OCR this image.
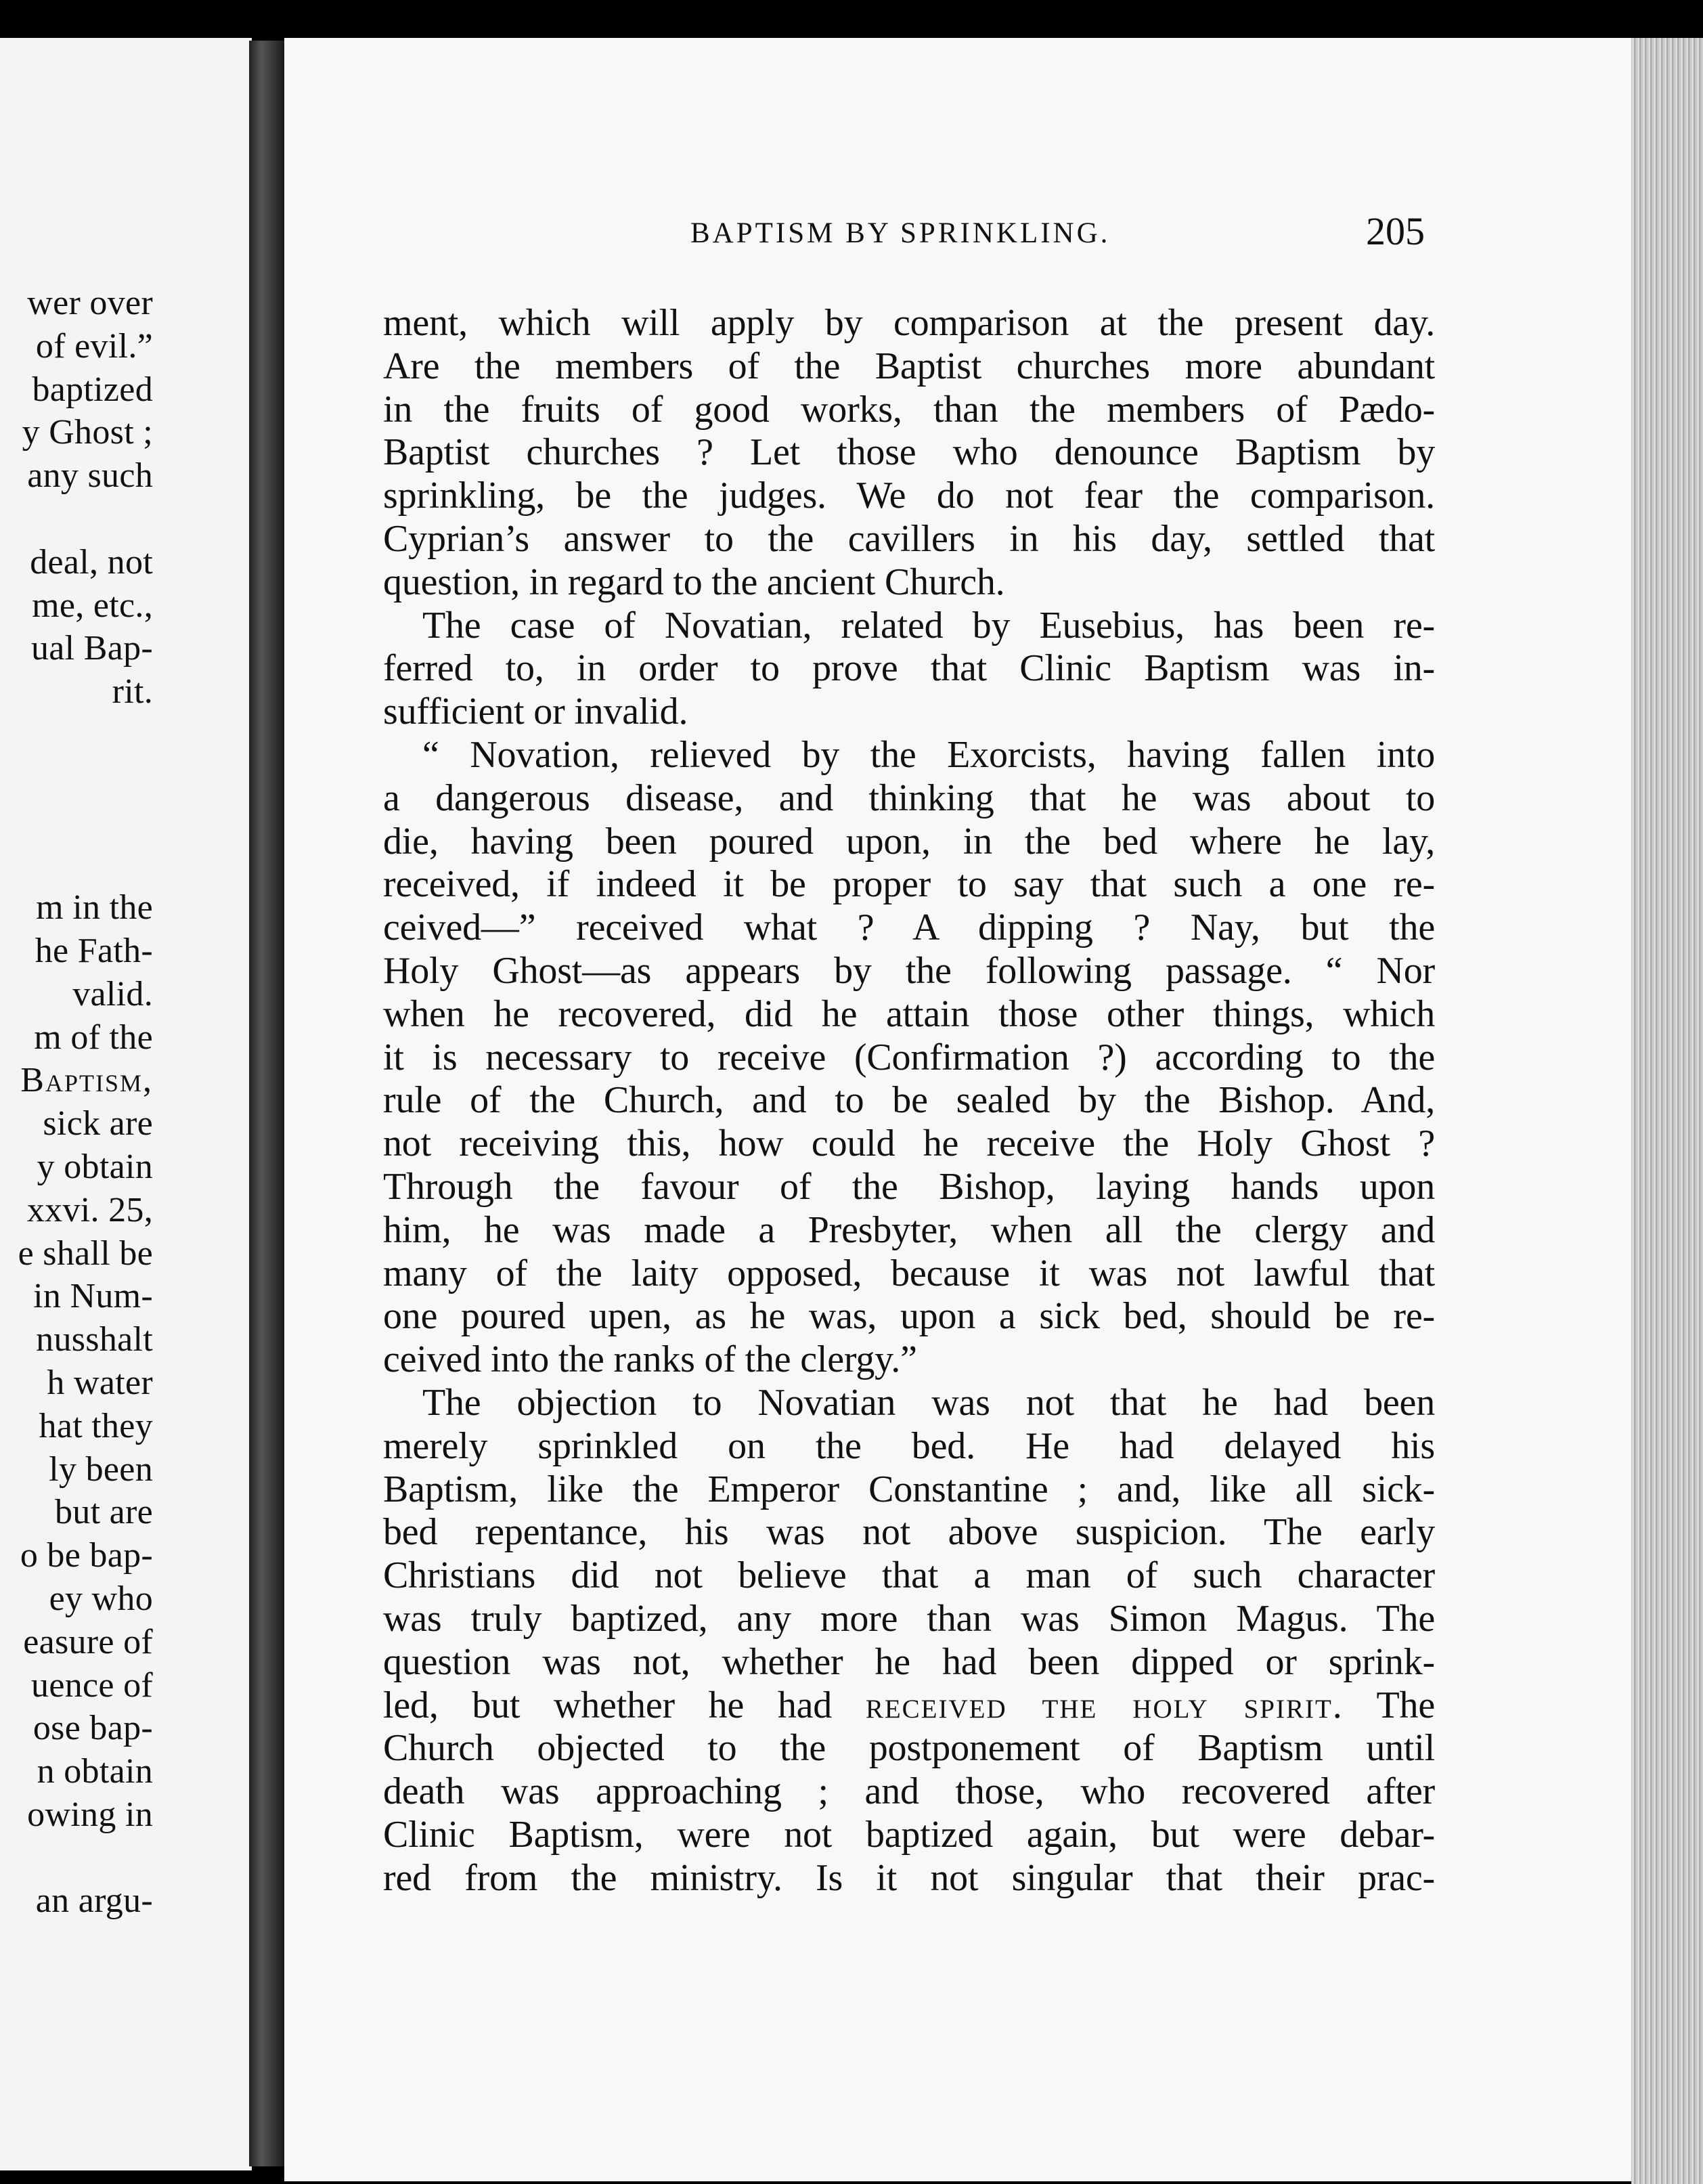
wer over
of evil.”
baptized
y Ghost ;
any such
deal, not
me, etc.,
ual Bap-
rit.
m in the
he Fath-
valid.
m of the
Baptism,
sick are
y obtain
xxvi. 25,
e shall be
in Num-
nusshalt
h water
hat they
ly been
but are
o be bap-
ey who
easure of
uence of
ose bap-
n obtain
owing in
an argu-
BAPTISM BY SPRINKLING.	205
ment, which will apply by comparison at the present day.
Are the members of the Baptist churches more abundant
in the fruits of good works, than the members of Pædo-
Baptist churches ? Let those who denounce Baptism by
sprinkling, be the judges. We do not fear the comparison.
Cyprian’s answer to the cavillers in his day, settled that
question, in regard to the ancient Church.
The case of Novatian, related by Eusebius, has been re-
ferred to, in order to prove that Clinic Baptism was in-
sufficient or invalid.
“ Novation, relieved by the Exorcists, having fallen into
a dangerous disease, and thinking that he was about to
die, having been poured upon, in the bed where he lay,
received, if indeed it be proper to say that such a one re-
ceived—” received what ? A dipping ? Nay, but the
Holy Ghost—as appears by the following passage. “ Nor
when he recovered, did he attain those other things, which
it is necessary to receive (Confirmation ?) according to the
rule of the Church, and to be sealed by the Bishop. And,
not receiving this, how could he receive the Holy Ghost ?
Through the favour of the Bishop, laying hands upon
him, he was made a Presbyter, when all the clergy and
many of the laity opposed, because it was not lawful that
one poured upen, as he was, upon a sick bed, should be re-
ceived into the ranks of the clergy.”
The objection to Novatian was not that he had been
merely sprinkled on the bed. He had delayed his
Baptism, like the Emperor Constantine ; and, like all sick-
bed repentance, his was not above suspicion. The early
Christians did not believe that a man of such character
was truly baptized, any more than was Simon Magus. The
question was not, whether he had been dipped or sprink-
led, but whether he had received the holy spirit. The
Church objected to the postponement of Baptism until
death was approaching ; and those, who recovered after
Clinic Baptism, were not baptized again, but were debar-
red from the ministry. Is it not singular that their prac-
